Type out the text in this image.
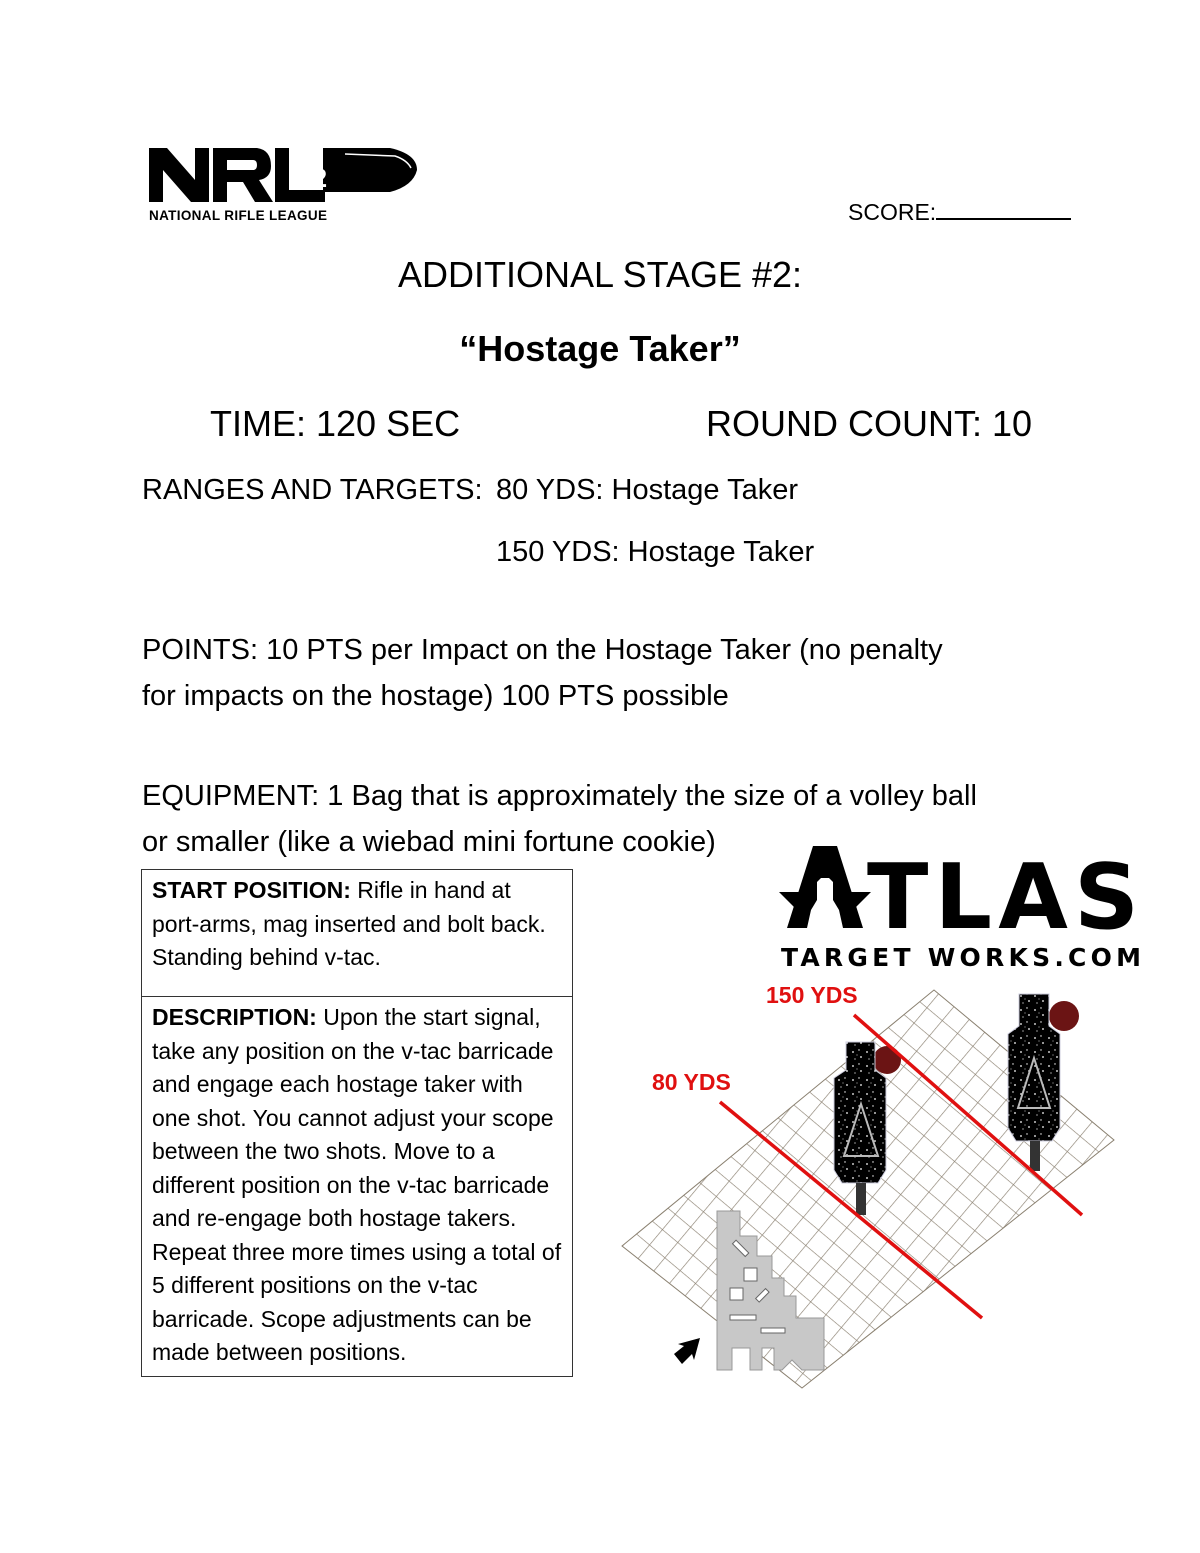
.22
NATIONAL RIFLE LEAGUE	SCORE:
ADDITIONAL STAGE #2:
“Hostage Taker”
TIME: 120 SEC	ROUND COUNT: 10
RANGES AND TARGETS: 80 YDS: Hostage Taker
150 YDS: Hostage Taker
POINTS: 10 PTS per Impact on the Hostage Taker (no penalty
for impacts on the hostage) 100 PTS possible
EQUIPMENT: 1 Bag that is approximately the size of a volley ball
or smaller (like a wiebad mini fortune cookie)
START POSITION: Rifle in hand at port-arms, mag inserted and bolt back. Standing behind v-tac.
DESCRIPTION: Upon the start signal, take any position on the v-tac barricade and engage each hostage taker with one shot. You cannot adjust your scope between the two shots. Move to a different position on the v-tac barricade and re-engage both hostage takers. Repeat three more times using a total of 5 different positions on the v-tac barricade. Scope adjustments can be made between positions.
TLAS
TARGET WORKS.COM
150 YDS
80 YDS
